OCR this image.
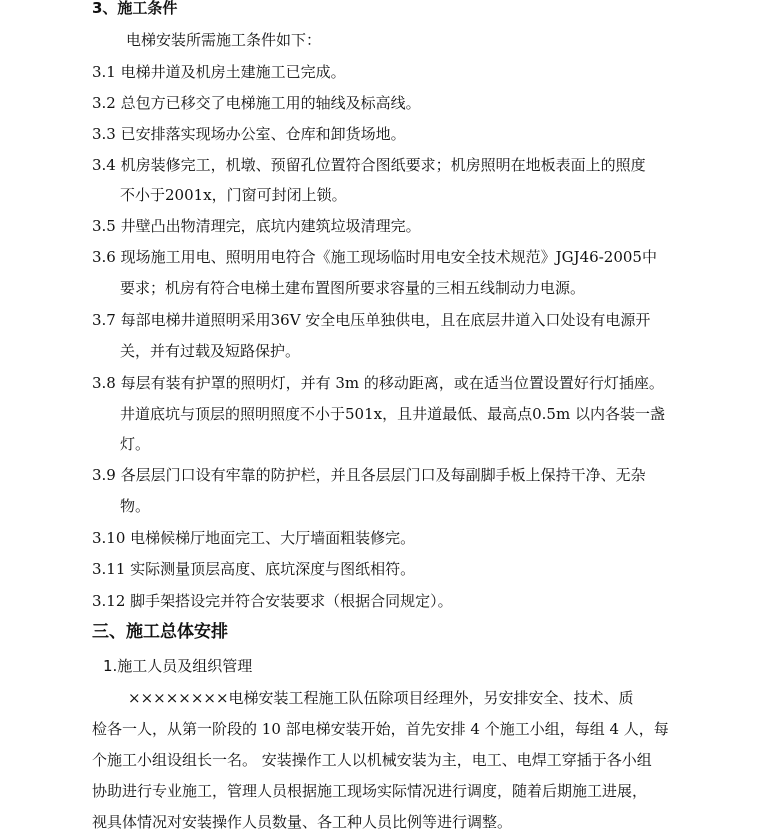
3、施工条件
电梯安装所需施工条件如下：
3.1 电梯井道及机房土建施工已完成。
3.2 总包方已移交了电梯施工用的轴线及标高线。
3.3 已安排落实现场办公室、仓库和卸货场地。
3.4 机房装修完工，机墩、预留孔位置符合图纸要求；机房照明在地板表面上的照度
不小于2001x，门窗可封闭上锁。
3.5 井壁凸出物清理完，底坑内建筑垃圾清理完。
3.6 现场施工用电、照明用电符合《施工现场临时用电安全技术规范》JGJ46-2005中
要求；机房有符合电梯土建布置图所要求容量的三相五线制动力电源。
3.7 每部电梯井道照明采用36V 安全电压单独供电，且在底层井道入口处设有电源开
关，并有过载及短路保护。
3.8 每层有装有护罩的照明灯，并有 3m 的移动距离，或在适当位置设置好行灯插座。
井道底坑与顶层的照明照度不小于501x，且井道最低、最高点0.5m 以内各装一盏
灯。
3.9 各层层门口设有牢靠的防护栏，并且各层层门口及每副脚手板上保持干净、无杂
物。
3.10 电梯候梯厅地面完工、大厅墙面粗装修完。
3.11 实际测量顶层高度、底坑深度与图纸相符。
3.12 脚手架搭设完并符合安装要求（根据合同规定）。
三、施工总体安排
1.施工人员及组织管理
××××××××电梯安装工程施工队伍除项目经理外，另安排安全、技术、质
检各一人，从第一阶段的 10 部电梯安装开始，首先安排 4 个施工小组，每组 4 人，每
个施工小组设组长一名。 安装操作工人以机械安装为主，电工、电焊工穿插于各小组
协助进行专业施工，管理人员根据施工现场实际情况进行调度，随着后期施工进展，
视具体情况对安装操作人员数量、各工种人员比例等进行调整。
